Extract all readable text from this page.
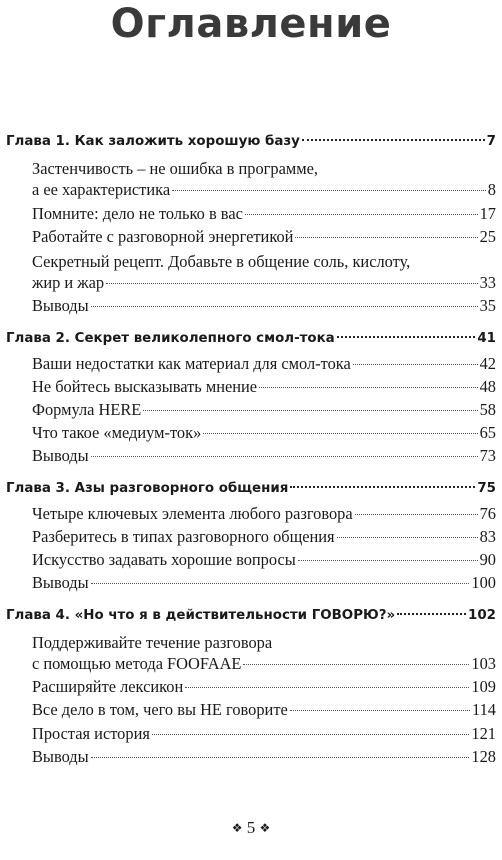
Оглавление
Глава 1. Как заложить хорошую базу	7
Застенчивость – не ошибка в программе,
а ее характеристика	8
Помните: дело не только в вас	17
Работайте с разговорной энергетикой	25
Секретный рецепт. Добавьте в общение соль, кислоту,
жир и жар	33
Выводы	35
Глава 2. Секрет великолепного смол-тока	41
Ваши недостатки как материал для смол-тока	42
Не бойтесь высказывать мнение	48
Формула HERE	58
Что такое «медиум-ток»	65
Выводы	73
Глава 3. Азы разговорного общения	75
Четыре ключевых элемента любого разговора	76
Разберитесь в типах разговорного общения	83
Искусство задавать хорошие вопросы	90
Выводы	100
Глава 4. «Но что я в действительности ГОВОРЮ?»	102
Поддерживайте течение разговора
с помощью метода FOOFAAE	103
Расширяйте лексикон	109
Все дело в том, чего вы НЕ говорите	114
Простая история	121
Выводы	128
❖ 5 ❖
